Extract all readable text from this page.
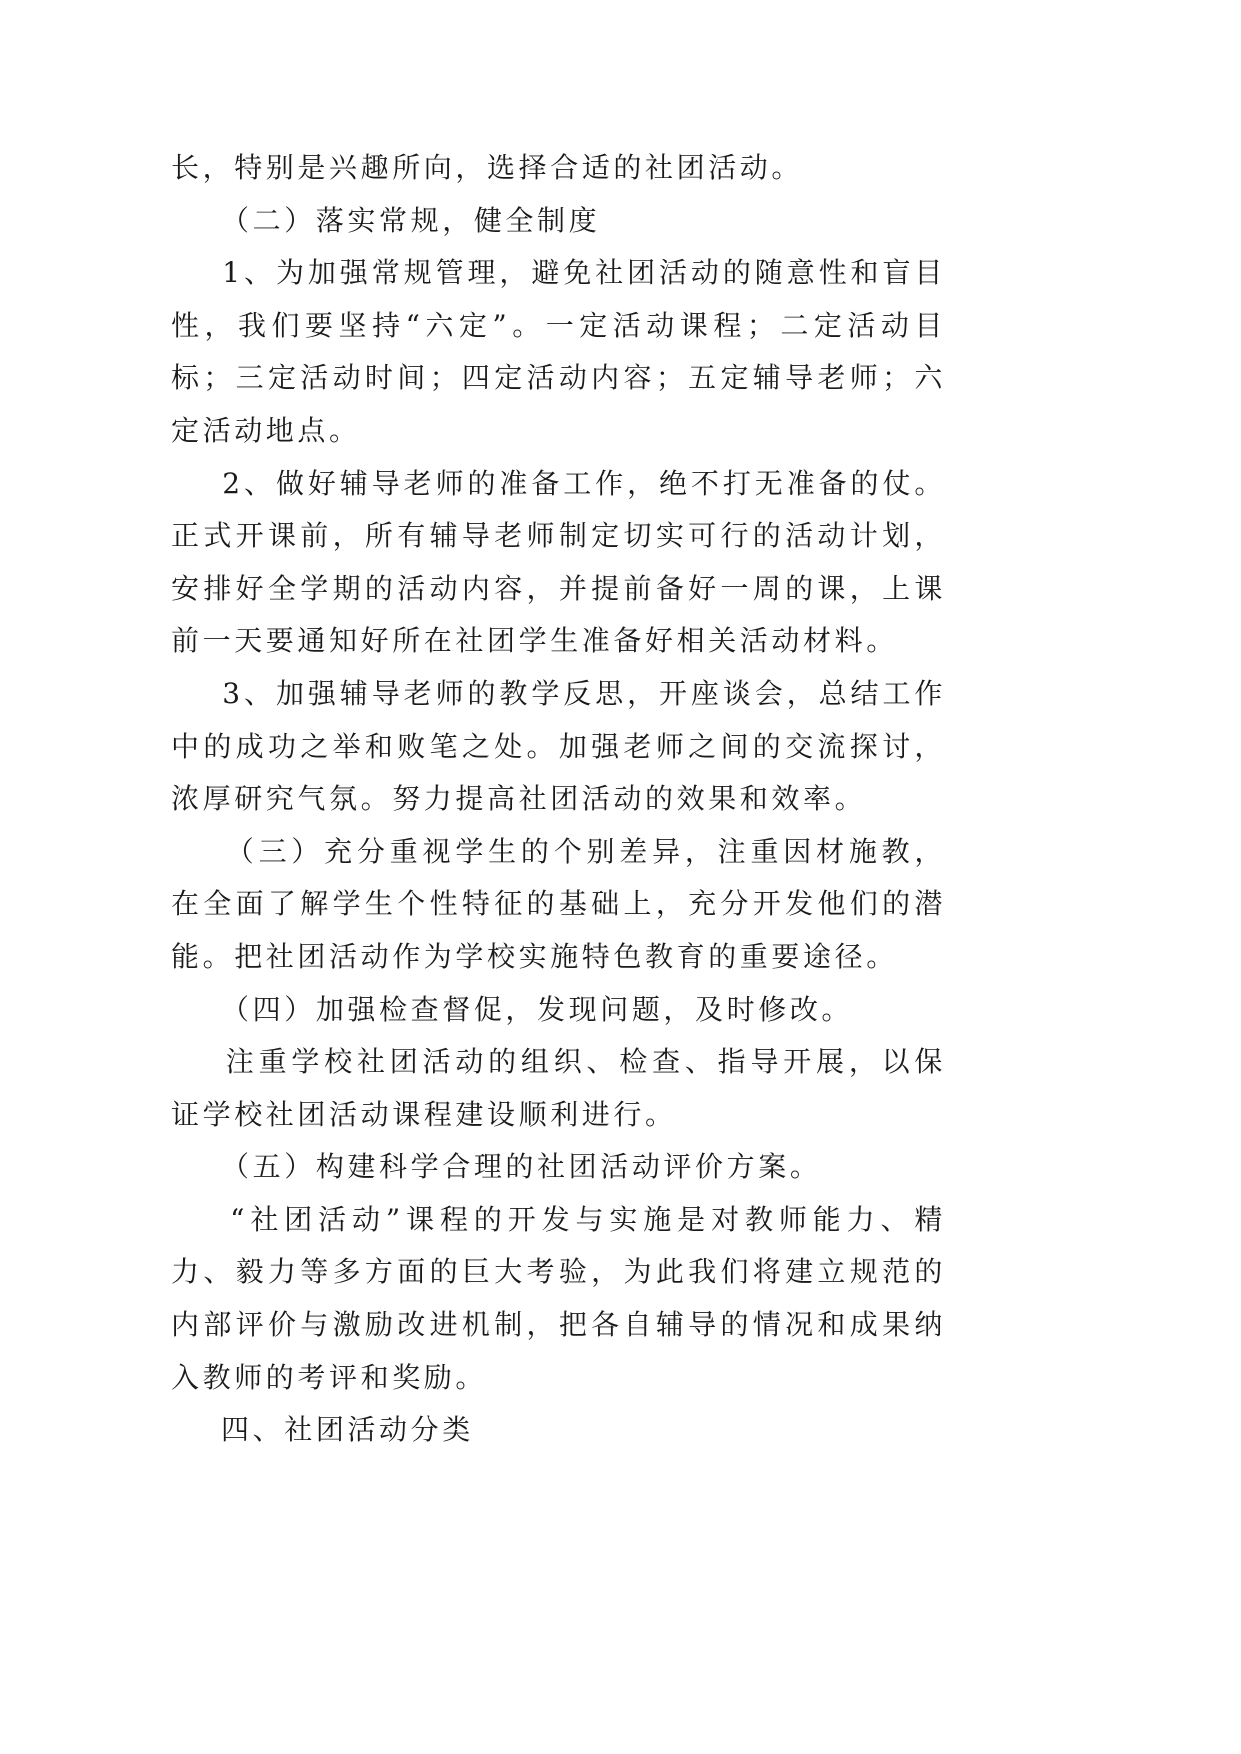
长，特别是兴趣所向，选择合适的社团活动。

（二）落实常规，健全制度

1、为加强常规管理，避免社团活动的随意性和盲目性，我们要坚持“六定”。一定活动课程；二定活动目标；三定活动时间；四定活动内容；五定辅导老师；六定活动地点。

2、做好辅导老师的准备工作，绝不打无准备的仗。正式开课前，所有辅导老师制定切实可行的活动计划，安排好全学期的活动内容，并提前备好一周的课，上课前一天要通知好所在社团学生准备好相关活动材料。

3、加强辅导老师的教学反思，开座谈会，总结工作中的成功之举和败笔之处。加强老师之间的交流探讨，浓厚研究气氛。努力提高社团活动的效果和效率。

（三）充分重视学生的个别差异，注重因材施教，在全面了解学生个性特征的基础上，充分开发他们的潜能。把社团活动作为学校实施特色教育的重要途径。

（四）加强检查督促，发现问题，及时修改。

注重学校社团活动的组织、检查、指导开展，以保证学校社团活动课程建设顺利进行。

（五）构建科学合理的社团活动评价方案。

“社团活动”课程的开发与实施是对教师能力、精力、毅力等多方面的巨大考验，为此我们将建立规范的内部评价与激励改进机制，把各自辅导的情况和成果纳入教师的考评和奖励。

四、社团活动分类
